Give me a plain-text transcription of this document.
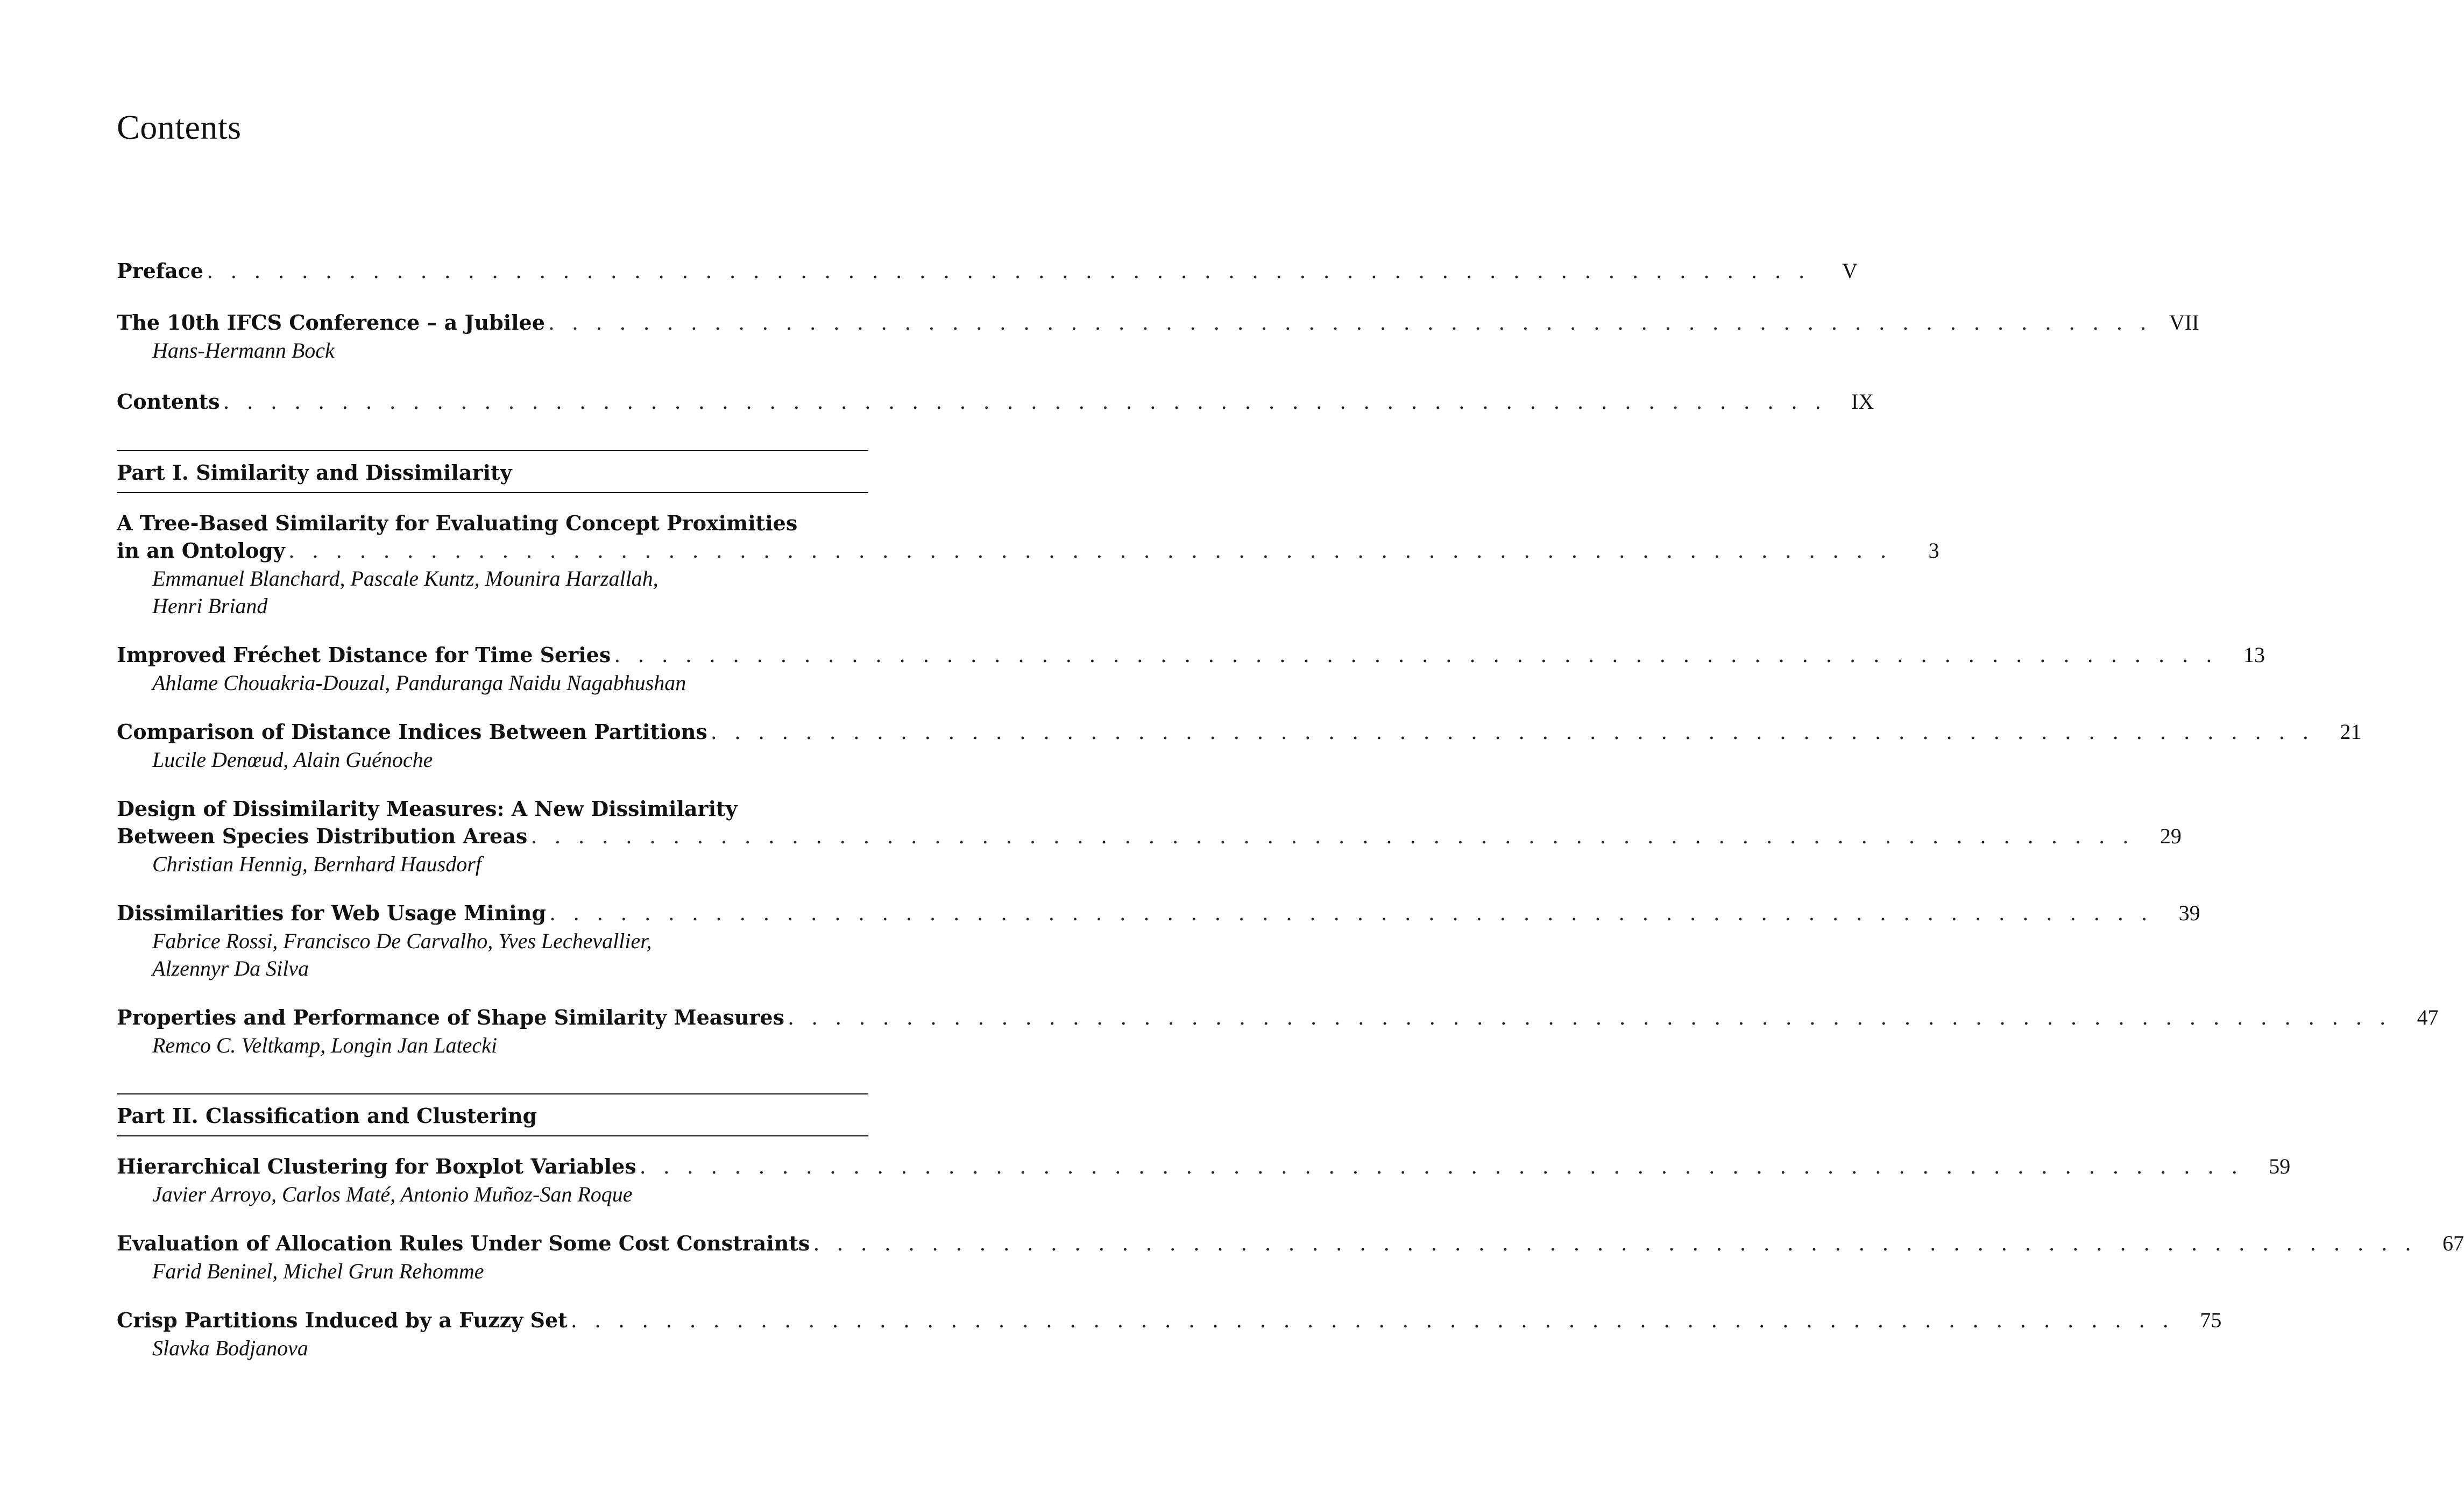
Contents
Preface . . . . . . . . . . . . . . . . . . . . . . . . . . . . . . . . . . . . . . . . . . . . . . . . . . . . . . . . . . . . . . . . . . . .	V
The 10th IFCS Conference – a Jubilee . . . . . . . . . . . . . . . . . . . . . . . . . . . . . . . . . . . . . . . . . . . . . . . . . . . . . . . . . . . . . . . . . . . . VII
Hans-Hermann Bock
Contents . . . . . . . . . . . . . . . . . . . . . . . . . . . . . . . . . . . . . . . . . . . . . . . . . . . . . . . . . . . . . . . . . . . .	IX
Part I. Similarity and Dissimilarity
A Tree-Based Similarity for Evaluating Concept Proximities
in an Ontology . . . . . . . . . . . . . . . . . . . . . . . . . . . . . . . . . . . . . . . . . . . . . . . . . . . . . . . . . . . . . . . . . . . .	3
Emmanuel Blanchard, Pascale Kuntz, Mounira Harzallah,
Henri Briand
Improved Fréchet Distance for Time Series . . . . . . . . . . . . . . . . . . . . . . . . . . . . . . . . . . . . . . . . . . . . . . . . . . . . . . . . . . . . . . . . . . . .	13
Ahlame Chouakria-Douzal, Panduranga Naidu Nagabhushan
Comparison of Distance Indices Between Partitions . . . . . . . . . . . . . . . . . . . . . . . . . . . . . . . . . . . . . . . . . . . . . . . . . . . . . . . . . . . . . . . . . . . .	21
Lucile Denœud, Alain Guénoche
Design of Dissimilarity Measures: A New Dissimilarity
Between Species Distribution Areas . . . . . . . . . . . . . . . . . . . . . . . . . . . . . . . . . . . . . . . . . . . . . . . . . . . . . . . . . . . . . . . . . . . .	29
Christian Hennig, Bernhard Hausdorf
Dissimilarities for Web Usage Mining . . . . . . . . . . . . . . . . . . . . . . . . . . . . . . . . . . . . . . . . . . . . . . . . . . . . . . . . . . . . . . . . . . . .	39
Fabrice Rossi, Francisco De Carvalho, Yves Lechevallier,
Alzennyr Da Silva
Properties and Performance of Shape Similarity Measures . . . . . . . . . . . . . . . . . . . . . . . . . . . . . . . . . . . . . . . . . . . . . . . . . . . . . . . . . . . . . . . . . . . .	47
Remco C. Veltkamp, Longin Jan Latecki
Part II. Classification and Clustering
Hierarchical Clustering for Boxplot Variables . . . . . . . . . . . . . . . . . . . . . . . . . . . . . . . . . . . . . . . . . . . . . . . . . . . . . . . . . . . . . . . . . . . .	59
Javier Arroyo, Carlos Maté, Antonio Muñoz-San Roque
Evaluation of Allocation Rules Under Some Cost Constraints . . . . . . . . . . . . . . . . . . . . . . . . . . . . . . . . . . . . . . . . . . . . . . . . . . . . . . . . . . . . . . . . . . . .	67
Farid Beninel, Michel Grun Rehomme
Crisp Partitions Induced by a Fuzzy Set . . . . . . . . . . . . . . . . . . . . . . . . . . . . . . . . . . . . . . . . . . . . . . . . . . . . . . . . . . . . . . . . . . . .	75
Slavka Bodjanova
